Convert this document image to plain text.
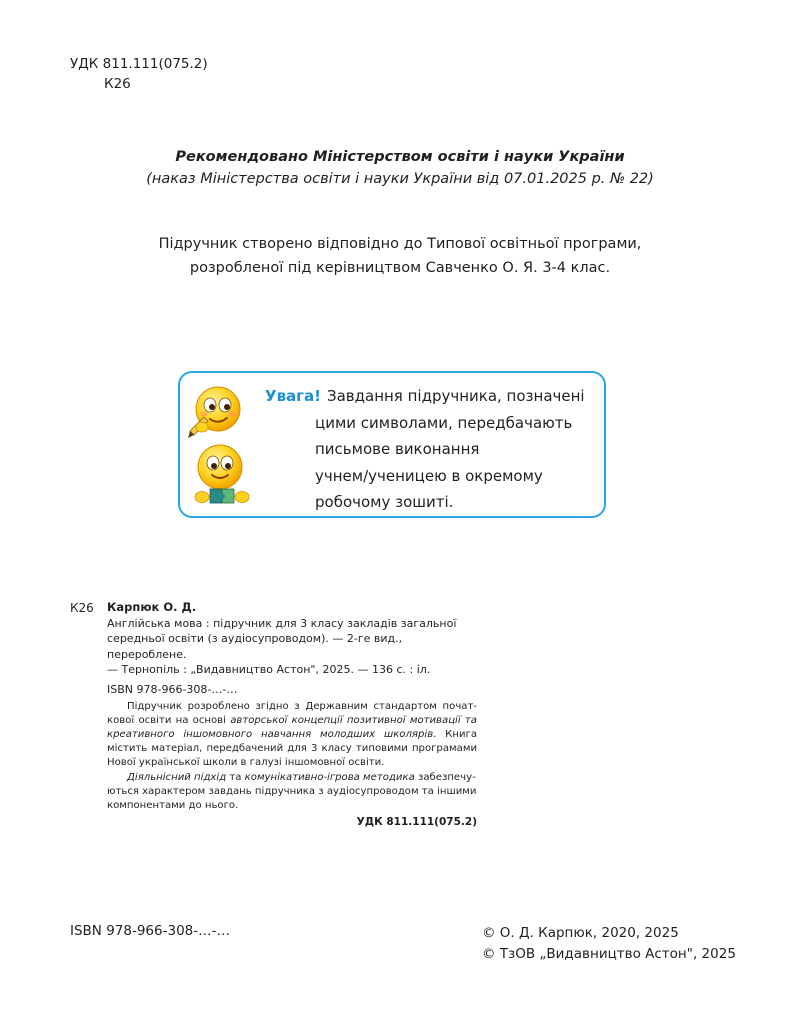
УДК 811.111(075.2)
К26
Рекомендовано Міністерством освіти і науки України
(наказ Міністерства освіти і науки України від 07.01.2025 р. № 22)
Підручник створено відповідно до Типової освітньої програми,
розробленої під керівництвом Савченко О. Я. 3-4 клас.
Увага! Завдання підручника, позначені
цими символами, передбачають
письмове виконання
учнем/ученицею в окремому
робочому зошиті.
К26 Карпюк О. Д.
Англійська мова : підручник для 3 класу закладів загальної
середньої освіти (з аудіосупроводом). — 2-ге вид., перероблене.
— Тернопіль : „Видавництво Астон", 2025. — 136 с. : іл.
ISBN 978-966-308-…-…
Підручник розроблено згідно з Державним стандартом почат-кової освіти на основі авторської концепції позитивної мотивації та креативного іншомовного навчання молодших школярів. Книга містить матеріал, передбачений для 3 класу типовими програмами Нової української школи в галузі іншомовної освіти.
Діяльнісний підхід та комунікативно-ігрова методика забезпечу-ються характером завдань підручника з аудіосупроводом та іншими компонентами до нього.
УДК 811.111(075.2)
ISBN 978-966-308-…-…	© О. Д. Карпюк, 2020, 2025
© ТзОВ „Видавництво Астон", 2025
